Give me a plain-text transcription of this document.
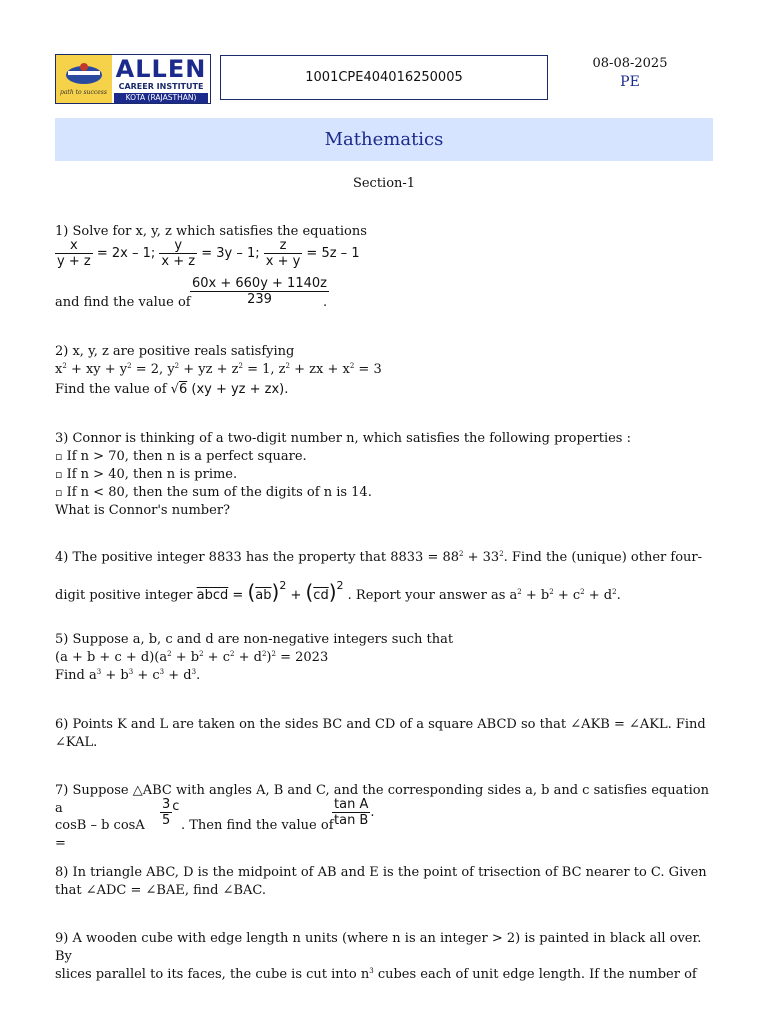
path to success
ALLEN
CAREER INSTITUTE
KOTA (RAJASTHAN)
1001CPE404016250005
08-08-2025
PE
Mathematics
Section-1

1) Solve for x, y, z which satisfies the equations

$\frac{x}{y + z} = 2x - 1$; $\frac{y}{x + z} = 3y - 1$; $\frac{z}{x + y} = 5z - 1$
and find the value of $\frac{60x + 660y + 1140z}{239}$
.

2) x, y, z are positive reals satisfying

$x^2$ + xy + $y^2 = 2$, $y^2$ + yz + $z^2 = 1$, $z^2$ + zx + $x^2 = 3$

Find the value of √6 (xy + yz + zx).

3) Connor is thinking of a two-digit number n, which satisfies the following properties :

▫ If n > 70, then n is a perfect square.

▫ If n > 40, then n is prime.

▫ If n < 80, then the sum of the digits of n is 14.

What is Connor's number?

4) The positive integer 8833 has the property that $8833 = 88^2 + 33^2$. Find the (unique) other four-

digit positive integer abcd = $(\overline{ab})^2 + (\overline{cd})^2$ . Report your answer as $a^2 + b^2 + c^2 + d^2$.

5) Suppose a, b, c and d are non-negative integers such that

$(a + b + c + d)(a^2 + b^2 + c^2 + d^2)^2 = 2023$

Find $a^3 + b^3 + c^3 + d^3$.

6) Points K and L are taken on the sides BC and CD of a square ABCD so that ∠AKB = ∠AKL. Find

∠KAL.

7) Suppose △ABC with angles A, B and C, and the corresponding sides a, b and c satisfies equation a

cosB – b cosA =
$\frac{3}{5}$ c
. Then find the value of
$\frac{\text{tan A}}{\text{tan B}}$ .

8) In triangle ABC, D is the midpoint of AB and E is the point of trisection of BC nearer to C. Given

that ∠ADC = ∠BAE, find ∠BAC.

9) A wooden cube with edge length n units (where n is an integer > 2) is painted in black all over. By

slices parallel to its faces, the cube is cut into $n^3$ cubes each of unit edge length. If the number of
